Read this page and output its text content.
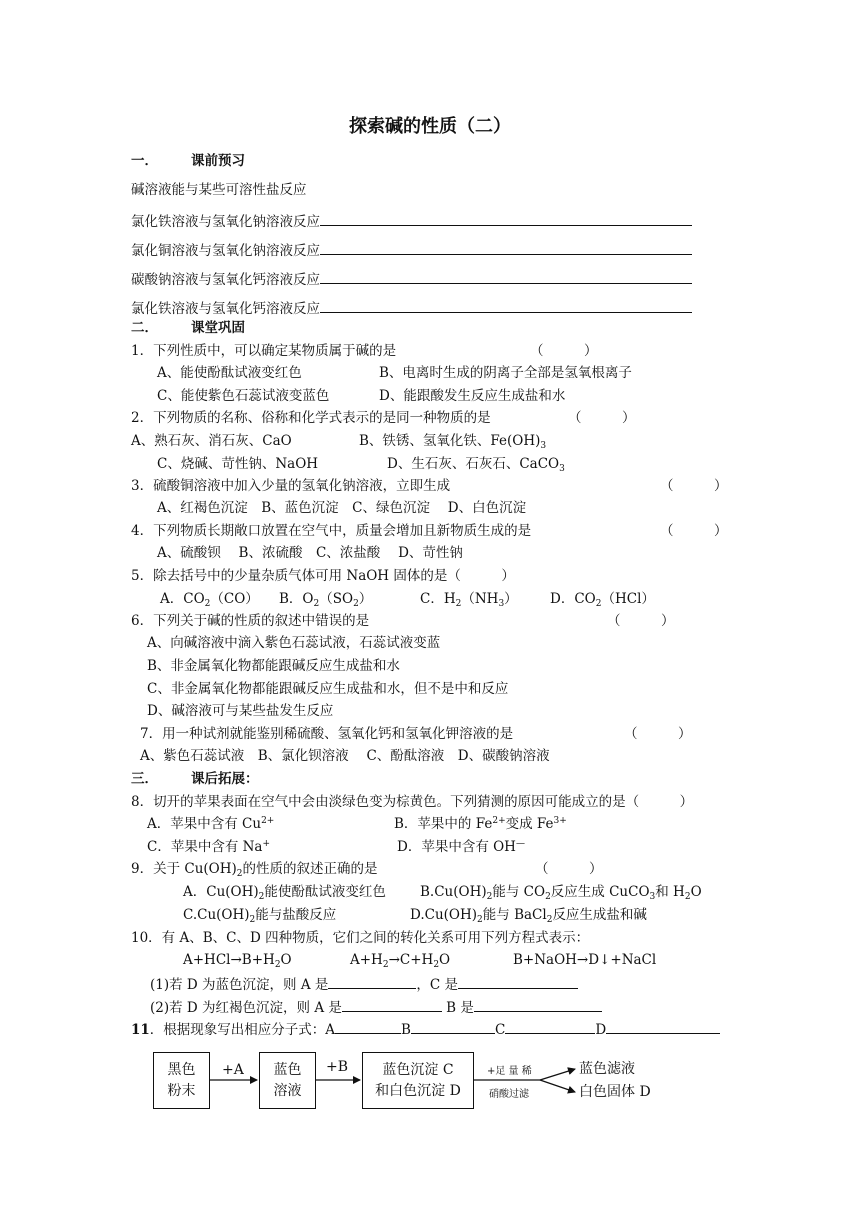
探索碱的性质（二）
一． 课前预习
碱溶液能与某些可溶性盐反应
氯化铁溶液与氢氧化钠溶液反应
氯化铜溶液与氢氧化钠溶液反应
碳酸钠溶液与氢氧化钙溶液反应
氯化铁溶液与氢氧化钙溶液反应
二． 课堂巩固
1．下列性质中，可以确定某物质属于碱的是	（　　　）
A、能使酚酞试液变红色	B、电离时生成的阴离子全部是氢氧根离子
C、能使紫色石蕊试液变蓝色	D、能跟酸发生反应生成盐和水
2．下列物质的名称、俗称和化学式表示的是同一种物质的是	（　　　）
A、熟石灰、消石灰、CaO	B、铁锈、氢氧化铁、$Fe(OH)_3$
C、烧碱、苛性钠、NaOH	D、生石灰、石灰石、CaCO$_3$
3．硫酸铜溶液中加入少量的氢氧化钠溶液，立即生成	（　　　）
A、红褐色沉淀　B、蓝色沉淀　C、绿色沉淀　 D、白色沉淀
4．下列物质长期敞口放置在空气中，质量会增加且新物质生成的是	（　　　）
A、硫酸钡　 B、浓硫酸　C、浓盐酸　 D、苛性钠
5．除去括号中的少量杂质气体可用 NaOH 固体的是（　　　）
A．$CO_2(CO)$ B．$O_2(SO_2)$	C．$H_2(NH_3)$ D．$CO_2(HCl)$
6．下列关于碱的性质的叙述中错误的是	（　　　）
A、向碱溶液中滴入紫色石蕊试液，石蕊试液变蓝
B、非金属氧化物都能跟碱反应生成盐和水
C、非金属氧化物都能跟碱反应生成盐和水，但不是中和反应
D、碱溶液可与某些盐发生反应
7．用一种试剂就能鉴别稀硫酸、氢氧化钙和氢氧化钾溶液的是	（　　　）
A、紫色石蕊试液　B、氯化钡溶液　 C、酚酞溶液　D、碳酸钠溶液
三． 课后拓展：
8．切开的苹果表面在空气中会由淡绿色变为棕黄色。下列猜测的原因可能成立的是（　　　）
A．苹果中含有 $Cu^{2+}$	B．苹果中的 $Fe^{2+}$变成 $Fe^{3+}$
C．苹果中含有 Na+	D．苹果中含有 OH—
9．关于 $Cu(OH)_2$的性质的叙述正确的是	（　　　）
A．$Cu(OH)_2$能使酚酞试液变红色	$B.Cu(OH)_2$能与 $CO_2$反应生成 CuCO$_3$和 $H_2O$
$C.Cu(OH)_2$能与盐酸反应	$D.Cu(OH)_2$能与 BaCl$_2$反应生成盐和碱
10．有 A、B、C、D 四种物质，它们之间的转化关系可用下列方程式表示：
$A+HCl\to B+H_2O$	$A+H_2\to C+H_2O$	B+NaOH→D↓+NaCl
(1)若 D 为蓝色沉淀，则 A 是	，C 是
(2)若 D 为红褐色沉淀，则 A 是	B 是
11．根据现象写出相应分子式：A	B	C	D
黑色
粉末
+A 蓝色
溶液
+B 蓝色沉淀 C
和白色沉淀 D
+足 量 稀
硝酸过滤
蓝色滤液
白色固体 D
